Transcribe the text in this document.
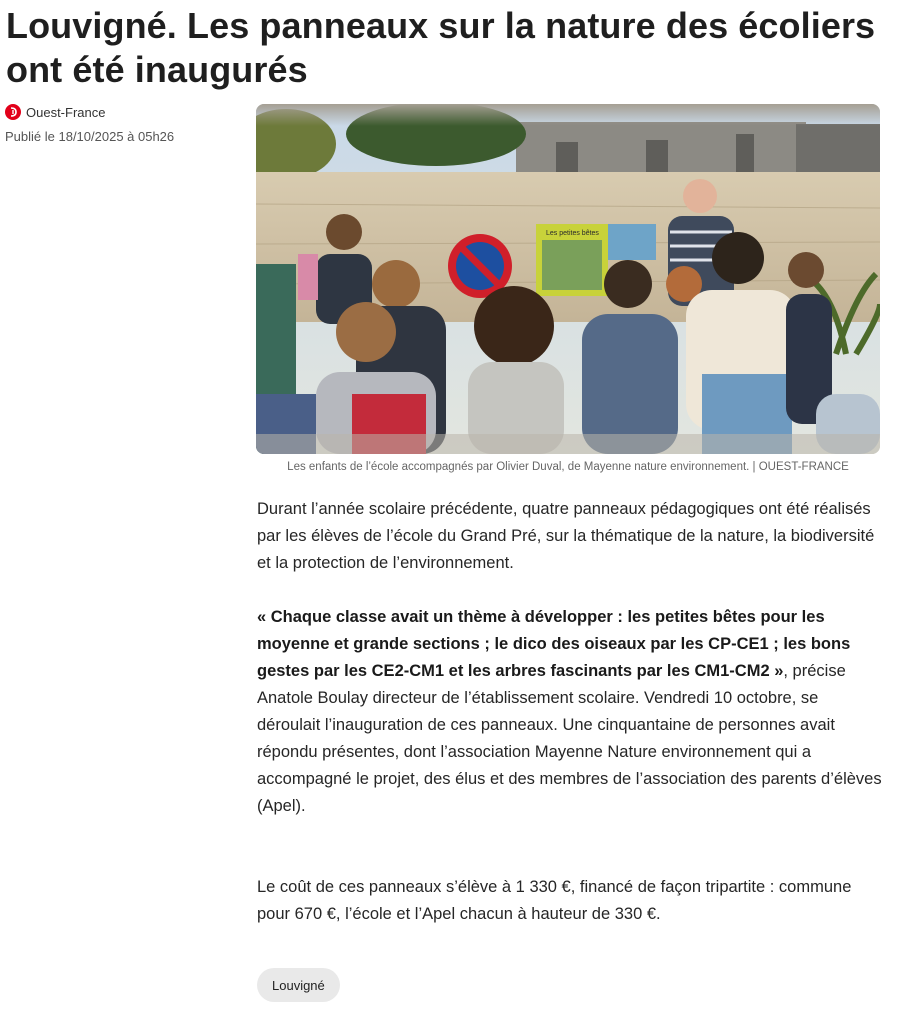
Louvigné. Les panneaux sur la nature des écoliers ont été inaugurés
Ouest-France
Publié le 18/10/2025 à 05h26
Les petites bêtes
Les enfants de l’école accompagnés par Olivier Duval, de Mayenne nature environnement. | OUEST-FRANCE

Durant l’année scolaire précédente, quatre panneaux pédagogiques ont été réalisés par les élèves de l’école du Grand Pré, sur la thématique de la nature, la biodiversité et la protection de l’environnement.

« Chaque classe avait un thème à développer : les petites bêtes pour les moyenne et grande sections ; le dico des oiseaux par les CP-CE1 ; les bons gestes par les CE2-CM1 et les arbres fascinants par les CM1-CM2 », précise Anatole Boulay directeur de l’établissement scolaire. Vendredi 10 octobre, se déroulait l’inauguration de ces panneaux. Une cinquantaine de personnes avait répondu présentes, dont l’association Mayenne Nature environnement qui a accompagné le projet, des élus et des membres de l’association des parents d’élèves (Apel).

Le coût de ces panneaux s’élève à 1 330 €, financé de façon tripartite : commune pour 670 €, l’école et l’Apel chacun à hauteur de 330 €.

Louvigné
